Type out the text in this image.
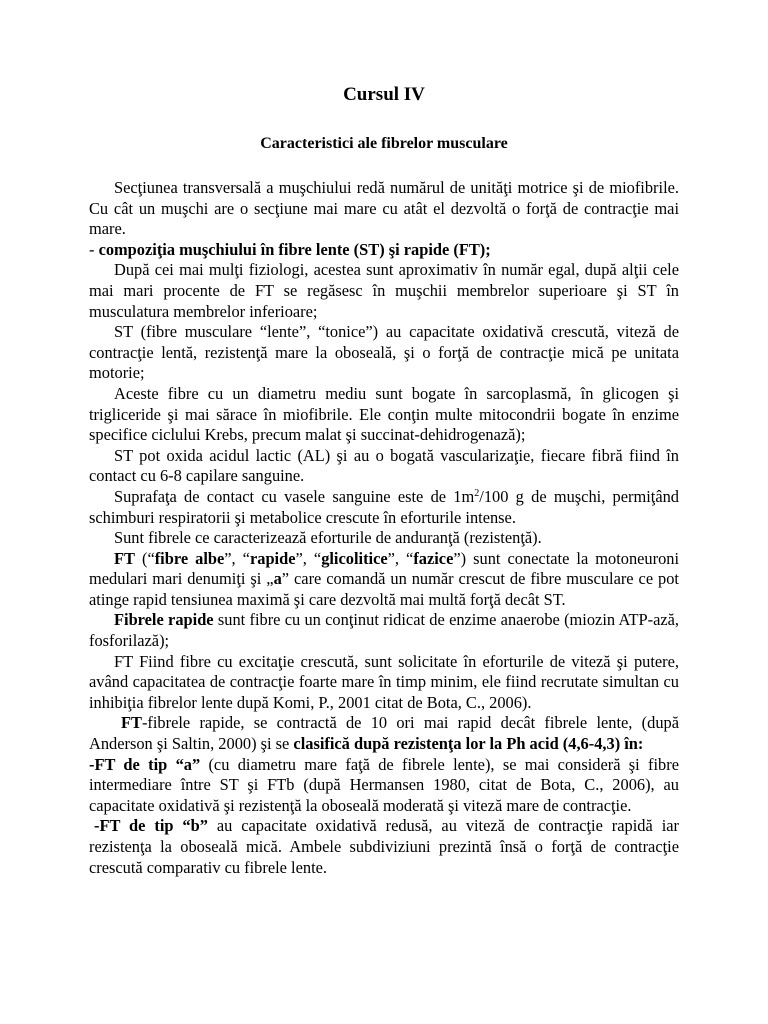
Cursul IV
Caracteristici ale fibrelor musculare

Secţiunea transversală a muşchiului redă numărul de unităţi motrice şi de miofibrile. Cu cât un muşchi are o secţiune mai mare cu atât el dezvoltă o forţă de contracţie mai mare.

- compoziţia muşchiului în fibre lente (ST) şi rapide (FT);

După cei mai mulţi fiziologi, acestea sunt aproximativ în număr egal, după alţii cele mai mari procente de FT se regăsesc în muşchii membrelor superioare şi ST în musculatura membrelor inferioare;

ST (fibre musculare “lente”, “tonice”) au capacitate oxidativă crescută, viteză de contracţie lentă, rezistenţă mare la oboseală, şi o forţă de contracţie mică pe unitata motorie;

Aceste fibre cu un diametru mediu sunt bogate în sarcoplasmă, în glicogen şi trigliceride şi mai sărace în miofibrile. Ele conţin multe mitocondrii bogate în enzime specifice ciclului Krebs, precum malat şi succinat-dehidrogenază);

ST pot oxida acidul lactic (AL) şi au o bogată vascularizaţie, fiecare fibră fiind în contact cu 6-8 capilare sanguine.

Suprafaţa de contact cu vasele sanguine este de $1m^2/100$ g de muşchi, permiţând schimburi respiratorii şi metabolice crescute în eforturile intense.

Sunt fibrele ce caracterizează eforturile de anduranţă (rezistenţă).

FT (“fibre albe”, “rapide”, “glicolitice”, “fazice”) sunt conectate la motoneuroni medulari mari denumiţi şi „a” care comandă un număr crescut de fibre musculare ce pot atinge rapid tensiunea maximă şi care dezvoltă mai multă forţă decât ST.

Fibrele rapide sunt fibre cu un conţinut ridicat de enzime anaerobe (miozin ATP-ază, fosforilază);

FT Fiind fibre cu excitaţie crescută, sunt solicitate în eforturile de viteză şi putere, având capacitatea de contracţie foarte mare în timp minim, ele fiind recrutate simultan cu inhibiţia fibrelor lente după Komi, P., 2001 citat de Bota, C., 2006).

FT-fibrele rapide, se contractă de 10 ori mai rapid decât fibrele lente, (după Anderson şi Saltin, 2000) şi se clasifică după rezistenţa lor la Ph acid (4,6-4,3) în:

-FT de tip “a” (cu diametru mare faţă de fibrele lente), se mai consideră şi fibre intermediare între ST şi FTb (după Hermansen 1980, citat de Bota, C., 2006), au capacitate oxidativă şi rezistenţă la oboseală moderată şi viteză mare de contracţie.

-FT de tip “b” au capacitate oxidativă redusă, au viteză de contracţie rapidă iar rezistenţa la oboseală mică. Ambele subdiviziuni prezintă însă o forţă de contracţie crescută comparativ cu fibrele lente.
